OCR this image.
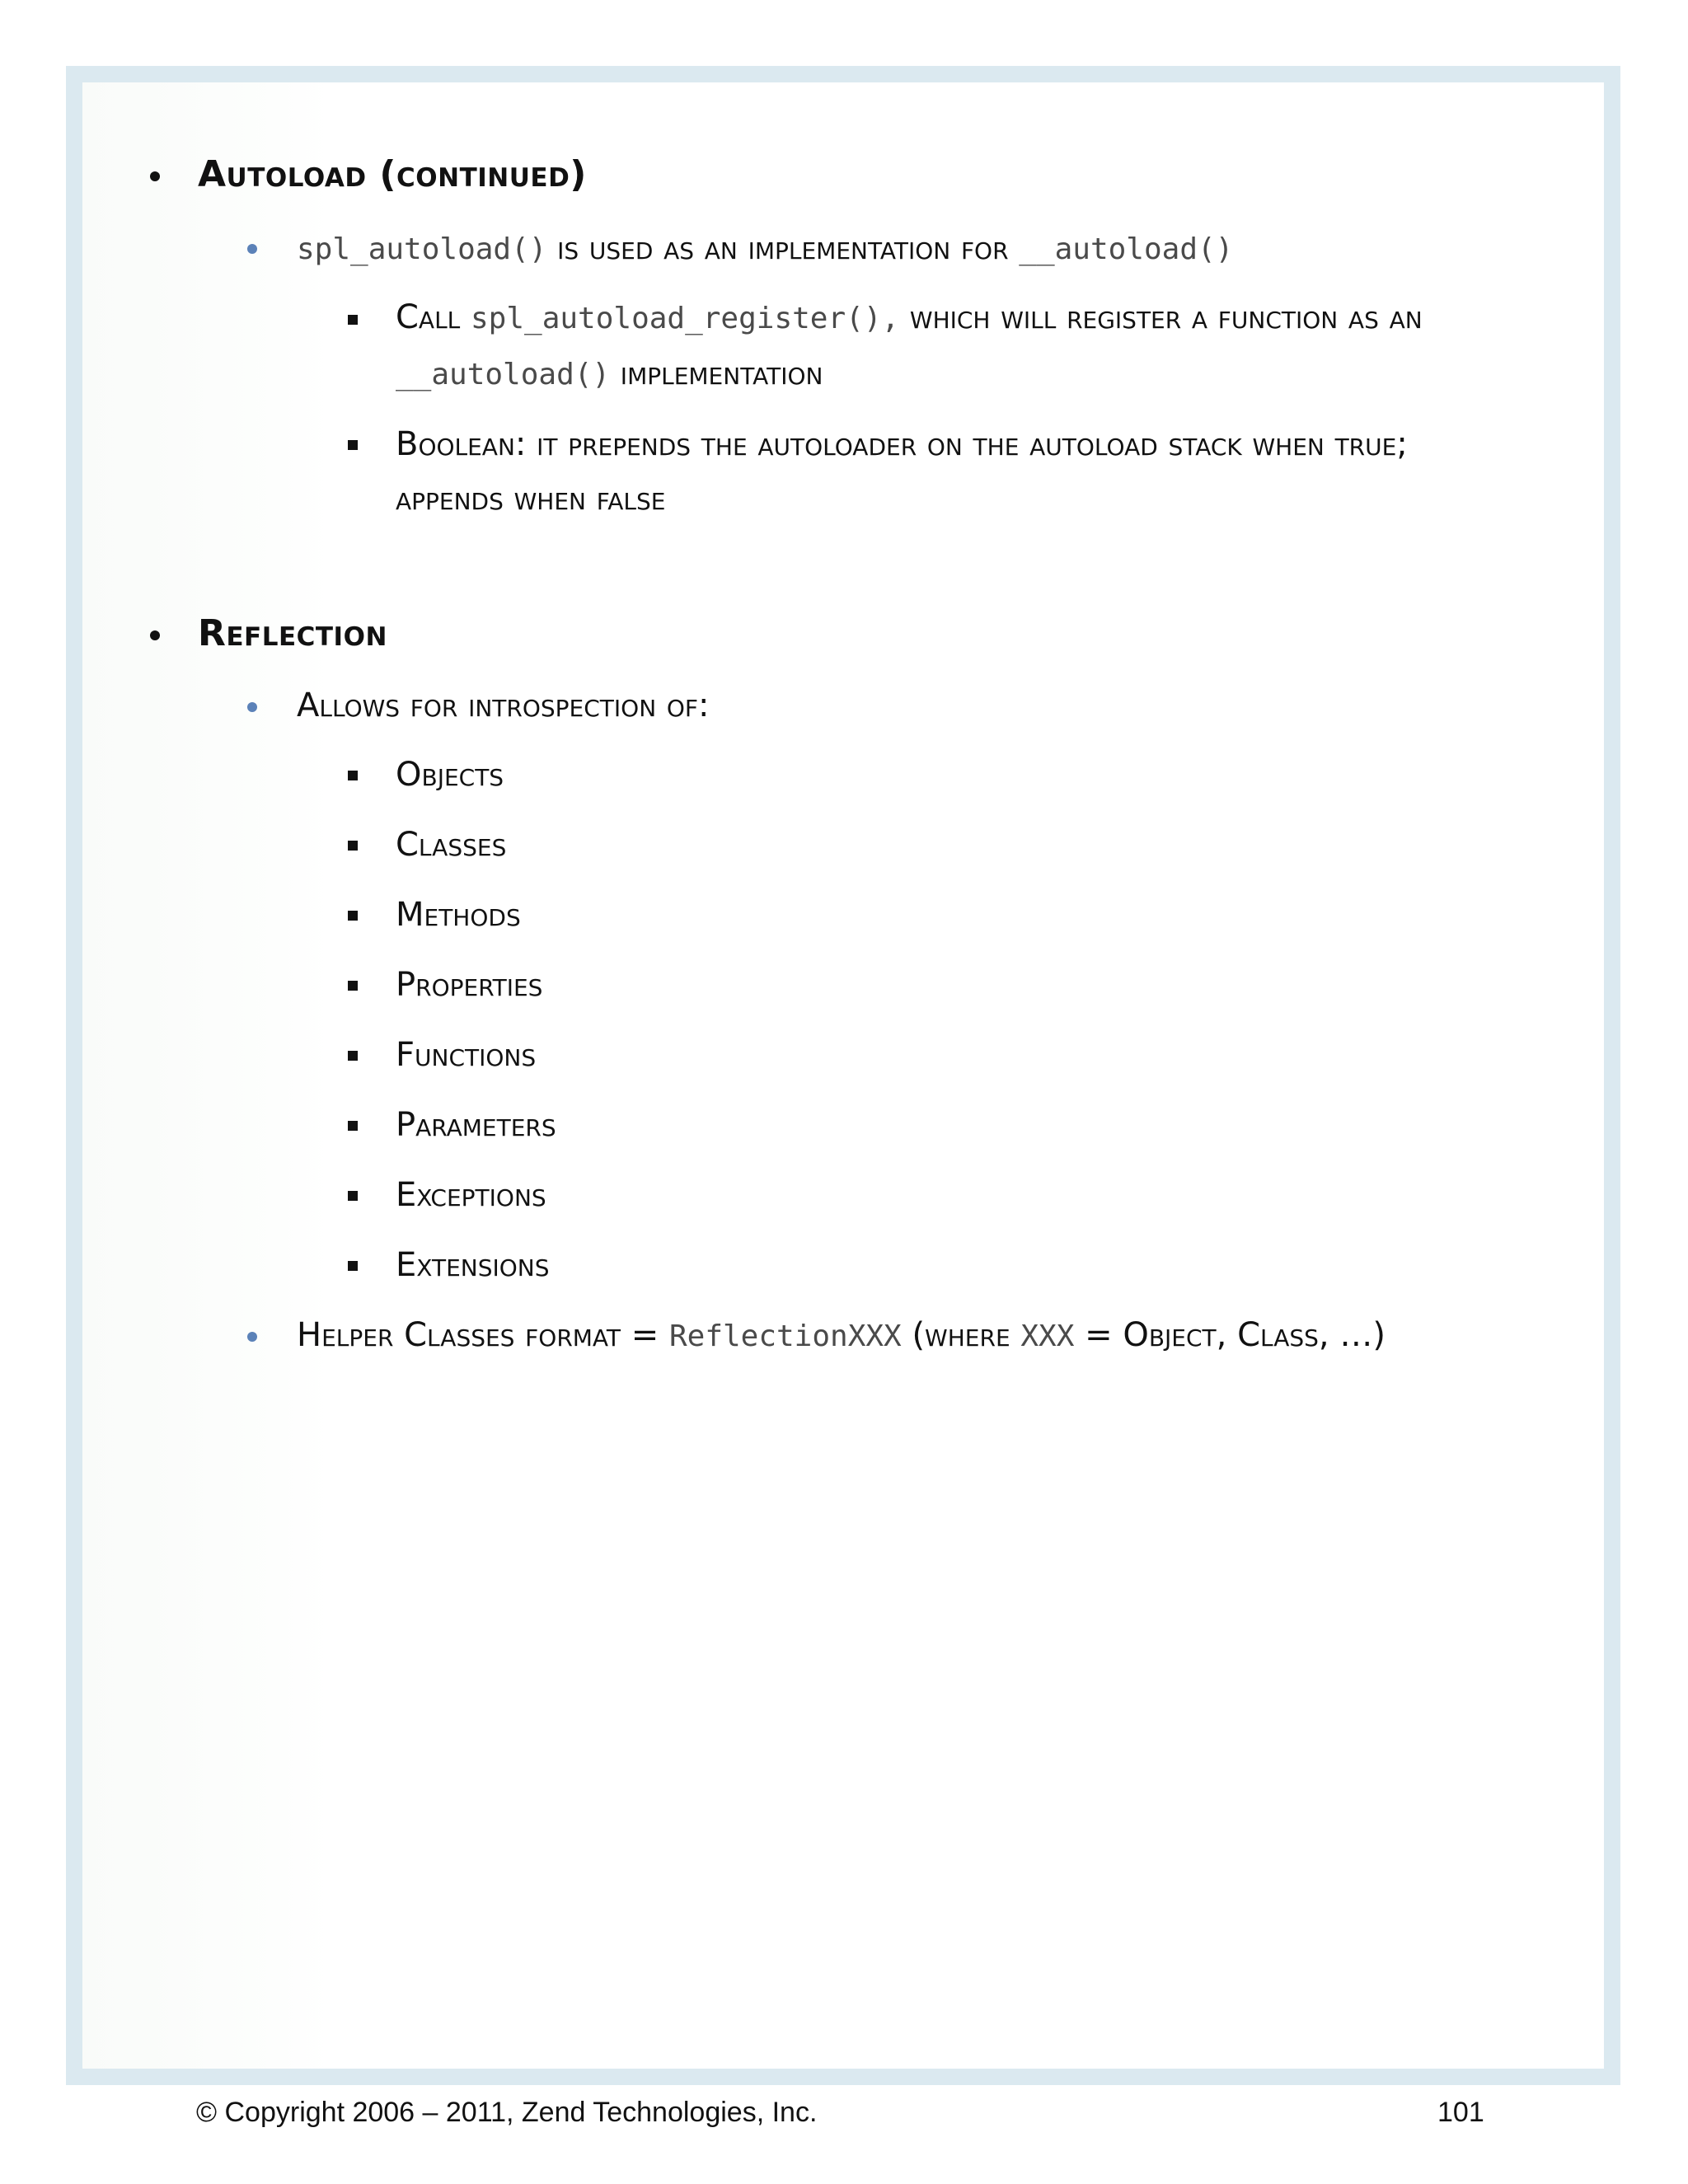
Autoload (continued)
spl_autoload() is used as an implementation for __autoload()
Call spl_autoload_register(), which will register a function as an __autoload() implementation
Boolean: it prepends the autoloader on the autoload stack when true; appends when false
Reflection
Allows for introspection of:
Objects
Classes
Methods
Properties
Functions
Parameters
Exceptions
Extensions
Helper Classes format = ReflectionXXX (where XXX = Object, Class, …)
© Copyright 2006 – 2011, Zend Technologies, Inc.	101
